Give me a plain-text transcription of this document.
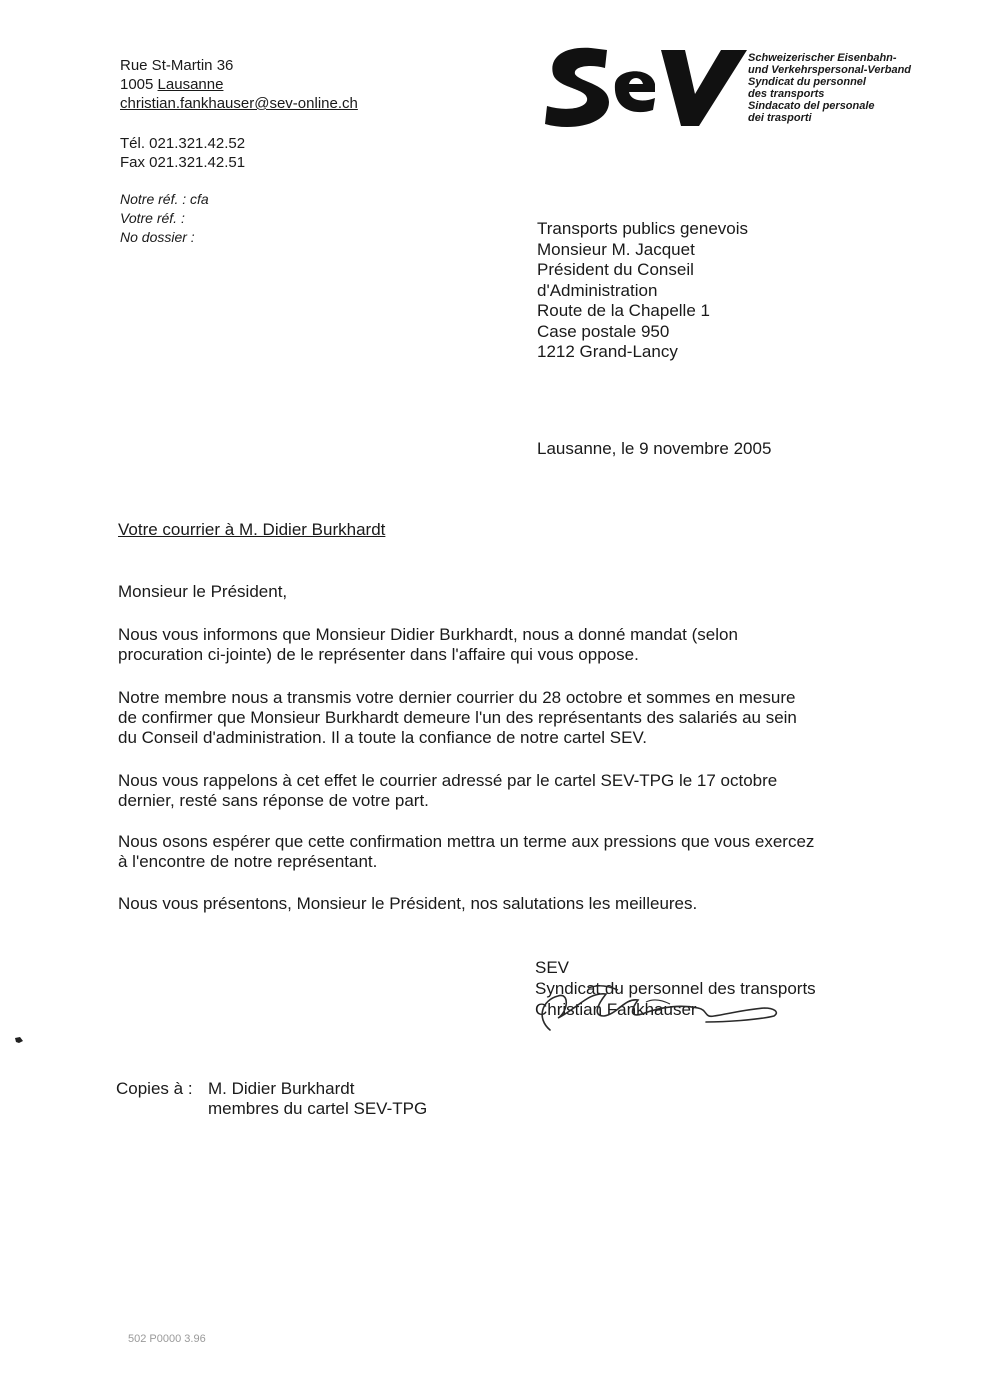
Rue St-Martin 36
1005 Lausanne
christian.fankhauser@sev-online.ch
Tél. 021.321.42.52
Fax 021.321.42.51
Notre réf. : cfa
Votre réf. :
No dossier :
Schweizerischer Eisenbahn-
und Verkehrspersonal-Verband
Syndicat du personnel
des transports
Sindacato del personale
dei trasporti
Transports publics genevois
Monsieur M. Jacquet
Président du Conseil
d'Administration
Route de la Chapelle 1
Case postale 950
1212 Grand-Lancy
Lausanne, le 9 novembre 2005
Votre courrier à M. Didier Burkhardt
Monsieur le Président,
Nous vous informons que Monsieur Didier Burkhardt, nous a donné mandat (selon
procuration ci-jointe) de le représenter dans l'affaire qui vous oppose.
Notre membre nous a transmis votre dernier courrier du 28 octobre et sommes en mesure
de confirmer que Monsieur Burkhardt demeure l'un des représentants des salariés au sein
du Conseil d'administration. Il a toute la confiance de notre cartel SEV.
Nous vous rappelons à cet effet le courrier adressé par le cartel SEV-TPG le 17 octobre
dernier, resté sans réponse de votre part.
Nous osons espérer que cette confirmation mettra un terme aux pressions que vous exercez
à l'encontre de notre représentant.
Nous vous présentons, Monsieur le Président, nos salutations les meilleures.
SEV
Syndicat du personnel des transports
Christian Fankhauser
Copies à : M. Didier Burkhardt
membres du cartel SEV-TPG
502 P0000 3.96
